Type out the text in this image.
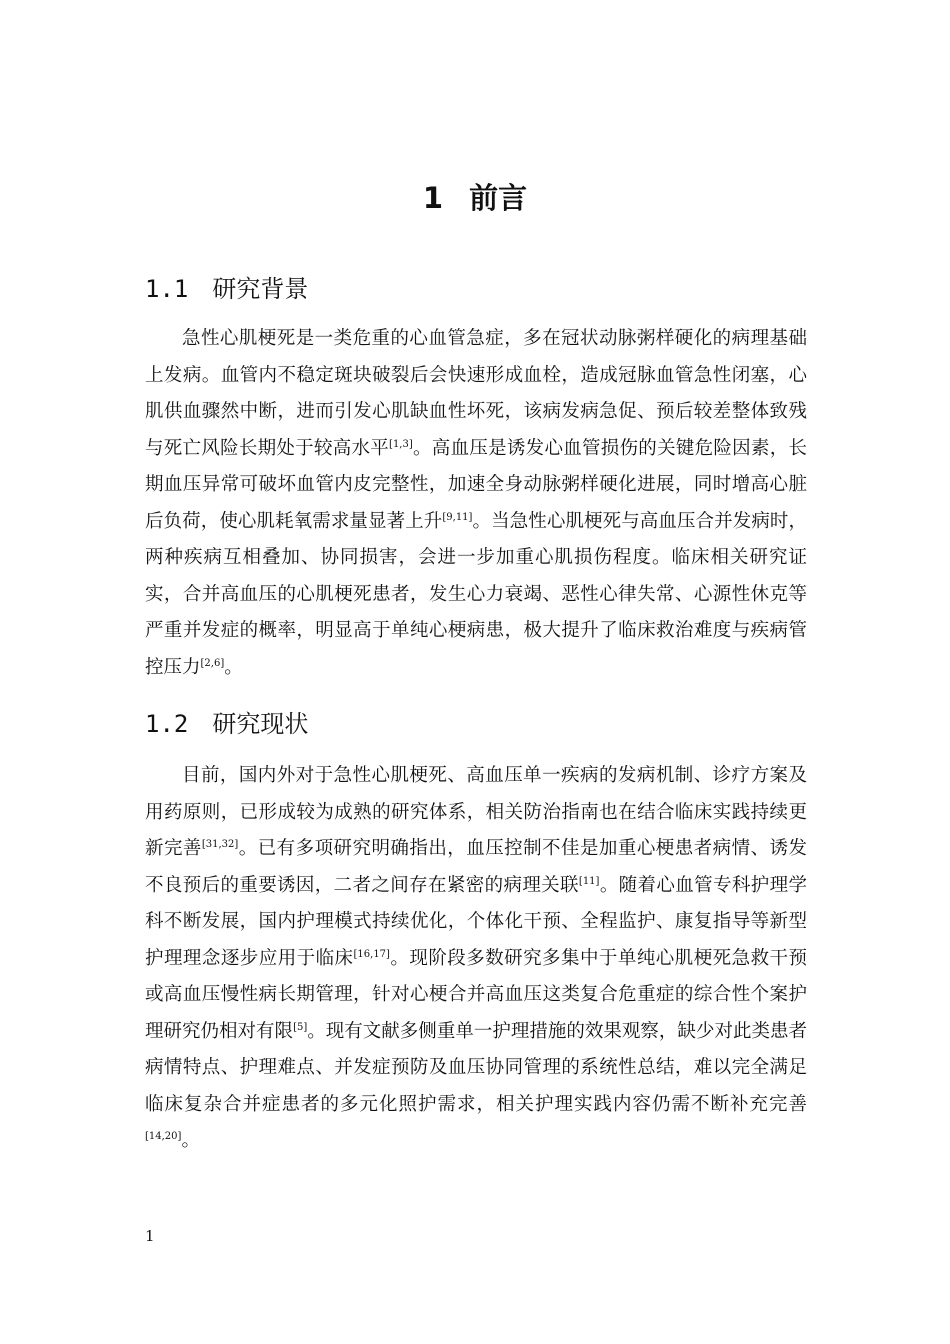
1 前言
1.1 研究背景

急性心肌梗死是一类危重的心血管急症，多在冠状动脉粥样硬化的病理基础上发病。血管内不稳定斑块破裂后会快速形成血栓，造成冠脉血管急性闭塞，心肌供血骤然中断，进而引发心肌缺血性坏死，该病发病急促、预后较差整体致残与死亡风险长期处于较高水平[1,3]。高血压是诱发心血管损伤的关键危险因素，长期血压异常可破坏血管内皮完整性，加速全身动脉粥样硬化进展，同时增高心脏后负荷，使心肌耗氧需求量显著上升[9,11]。当急性心肌梗死与高血压合并发病时，两种疾病互相叠加、协同损害，会进一步加重心肌损伤程度。临床相关研究证实，合并高血压的心肌梗死患者，发生心力衰竭、恶性心律失常、心源性休克等严重并发症的概率，明显高于单纯心梗病患，极大提升了临床救治难度与疾病管控压力[2,6]。

1.2 研究现状

目前，国内外对于急性心肌梗死、高血压单一疾病的发病机制、诊疗方案及用药原则，已形成较为成熟的研究体系，相关防治指南也在结合临床实践持续更新完善[31,32]。已有多项研究明确指出，血压控制不佳是加重心梗患者病情、诱发不良预后的重要诱因，二者之间存在紧密的病理关联[11]。随着心血管专科护理学科不断发展，国内护理模式持续优化，个体化干预、全程监护、康复指导等新型护理理念逐步应用于临床[16,17]。现阶段多数研究多集中于单纯心肌梗死急救干预或高血压慢性病长期管理，针对心梗合并高血压这类复合危重症的综合性个案护理研究仍相对有限[5]。现有文献多侧重单一护理措施的效果观察，缺少对此类患者病情特点、护理难点、并发症预防及血压协同管理的系统性总结，难以完全满足临床复杂合并症患者的多元化照护需求，相关护理实践内容仍需不断补充完善[14,20]。

1
